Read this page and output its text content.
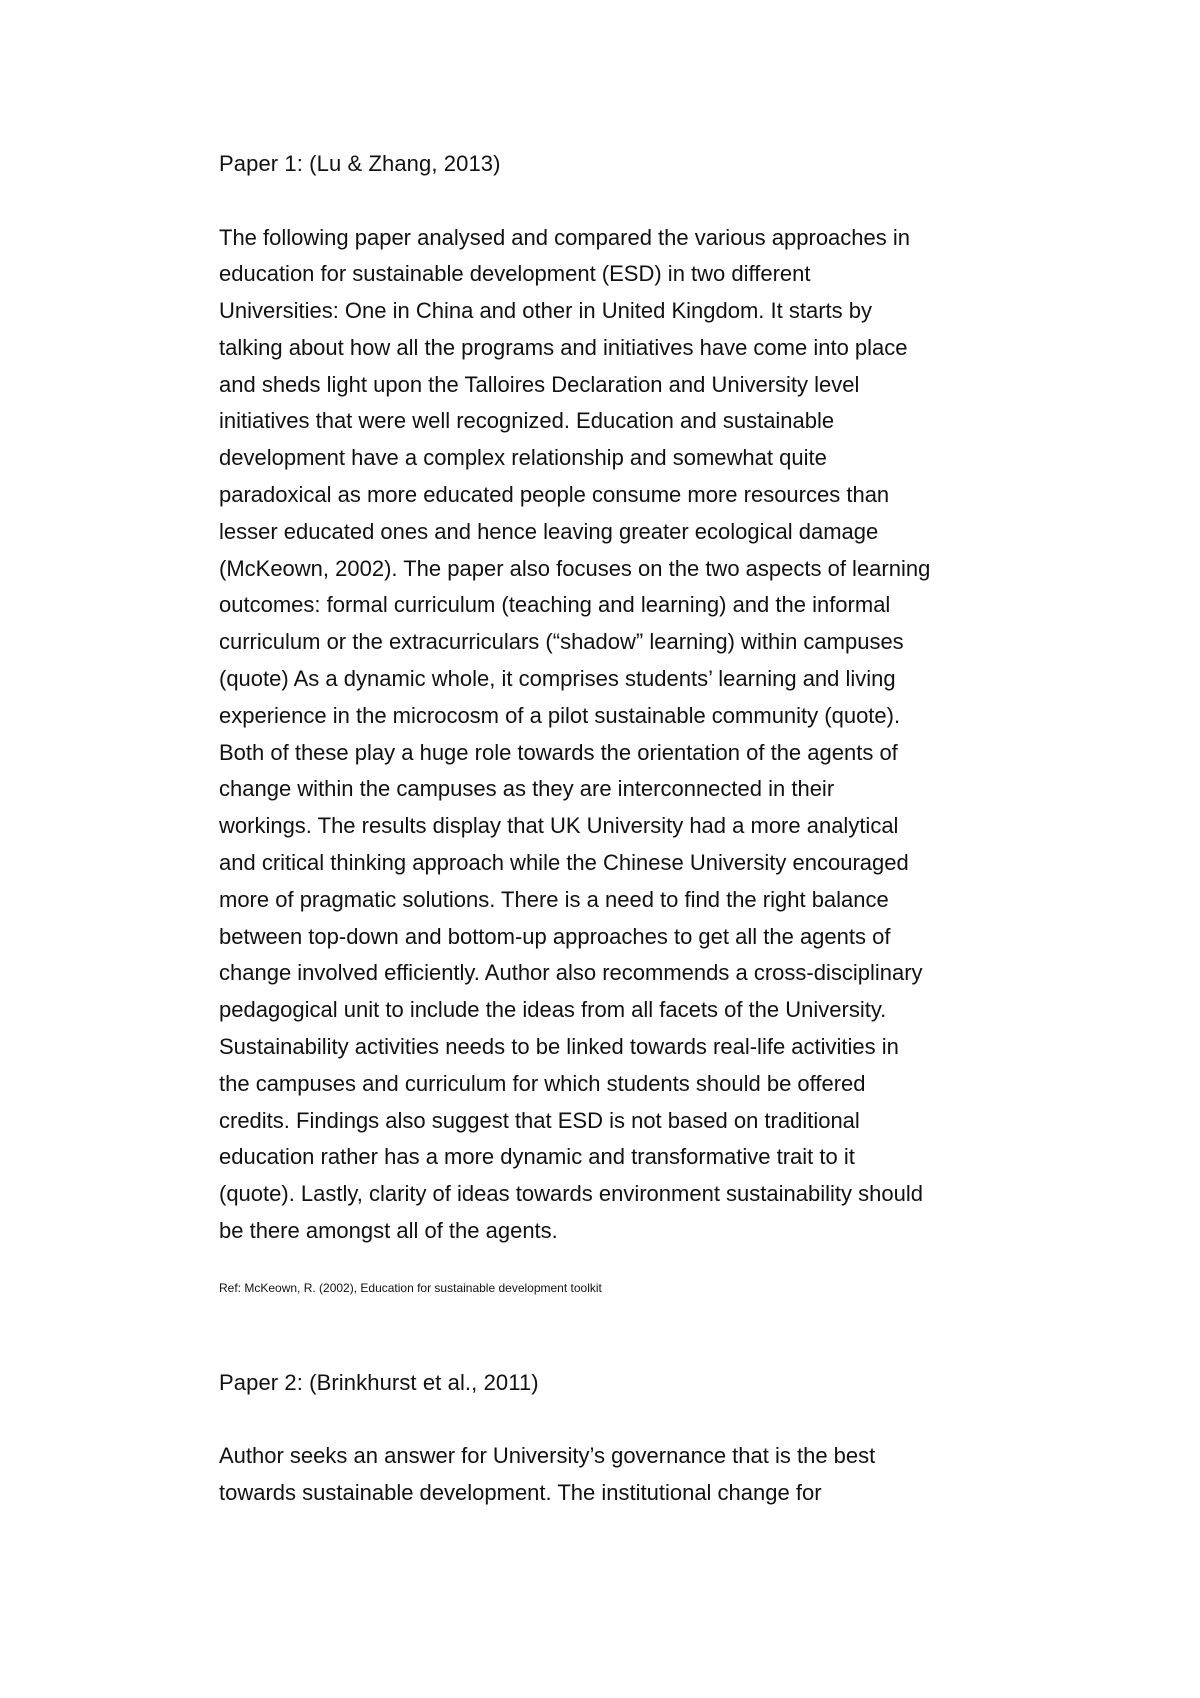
Paper 1: (Lu & Zhang, 2013)

The following paper analysed and compared the various approaches in
education for sustainable development (ESD) in two different
Universities: One in China and other in United Kingdom. It starts by
talking about how all the programs and initiatives have come into place
and sheds light upon the Talloires Declaration and University level
initiatives that were well recognized. Education and sustainable
development have a complex relationship and somewhat quite
paradoxical as more educated people consume more resources than
lesser educated ones and hence leaving greater ecological damage
(McKeown, 2002). The paper also focuses on the two aspects of learning
outcomes: formal curriculum (teaching and learning) and the informal
curriculum or the extracurriculars (“shadow” learning) within campuses
(quote) As a dynamic whole, it comprises students’ learning and living
experience in the microcosm of a pilot sustainable community (quote).
Both of these play a huge role towards the orientation of the agents of
change within the campuses as they are interconnected in their
workings. The results display that UK University had a more analytical
and critical thinking approach while the Chinese University encouraged
more of pragmatic solutions. There is a need to find the right balance
between top-down and bottom-up approaches to get all the agents of
change involved efficiently. Author also recommends a cross-disciplinary
pedagogical unit to include the ideas from all facets of the University.
Sustainability activities needs to be linked towards real-life activities in
the campuses and curriculum for which students should be offered
credits. Findings also suggest that ESD is not based on traditional
education rather has a more dynamic and transformative trait to it
(quote). Lastly, clarity of ideas towards environment sustainability should
be there amongst all of the agents.

Ref: McKeown, R. (2002), Education for sustainable development toolkit

Paper 2: (Brinkhurst et al., 2011)

Author seeks an answer for University’s governance that is the best
towards sustainable development. The institutional change for
